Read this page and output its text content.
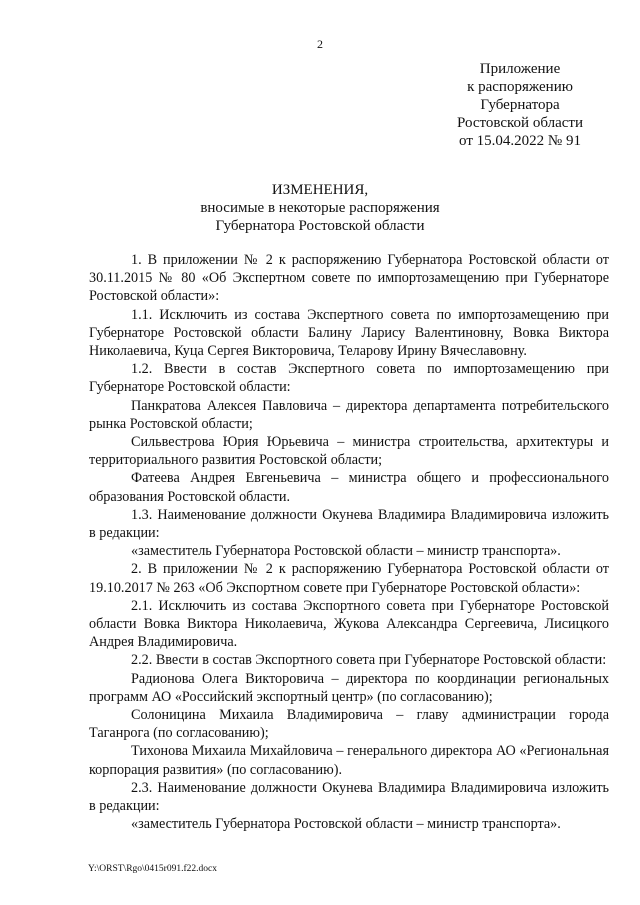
2
Приложение
к распоряжению
Губернатора
Ростовской области
от 15.04.2022 № 91
ИЗМЕНЕНИЯ,
вносимые в некоторые распоряжения
Губернатора Ростовской области

1. В приложении № 2 к распоряжению Губернатора Ростовской области от 30.11.2015 № 80 «Об Экспертном совете по импортозамещению при Губернаторе Ростовской области»:

1.1. Исключить из состава Экспертного совета по импортозамещению при Губернаторе Ростовской области Балину Ларису Валентиновну, Вовка Виктора Николаевича, Куца Сергея Викторовича, Теларову Ирину Вячеславовну.

1.2. Ввести в состав Экспертного совета по импортозамещению при Губернаторе Ростовской области:

Панкратова Алексея Павловича – директора департамента потребительского рынка Ростовской области;

Сильвестрова Юрия Юрьевича – министра строительства, архитектуры и территориального развития Ростовской области;

Фатеева Андрея Евгеньевича – министра общего и профессионального образования Ростовской области.

1.3. Наименование должности Окунева Владимира Владимировича изложить в редакции:

«заместитель Губернатора Ростовской области – министр транспорта».

2. В приложении № 2 к распоряжению Губернатора Ростовской области от 19.10.2017 № 263 «Об Экспортном совете при Губернаторе Ростовской области»:

2.1. Исключить из состава Экспортного совета при Губернаторе Ростовской области Вовка Виктора Николаевича, Жукова Александра Сергеевича, Лисицкого Андрея Владимировича.

2.2. Ввести в состав Экспортного совета при Губернаторе Ростовской области:

Радионова Олега Викторовича – директора по координации региональных программ АО «Российский экспортный центр» (по согласованию);

Солоницина Михаила Владимировича – главу администрации города Таганрога (по согласованию);

Тихонова Михаила Михайловича – генерального директора АО «Региональная корпорация развития» (по согласованию).

2.3. Наименование должности Окунева Владимира Владимировича изложить в редакции:

«заместитель Губернатора Ростовской области – министр транспорта».

Y:\ORST\Rgo\0415r091.f22.docx
